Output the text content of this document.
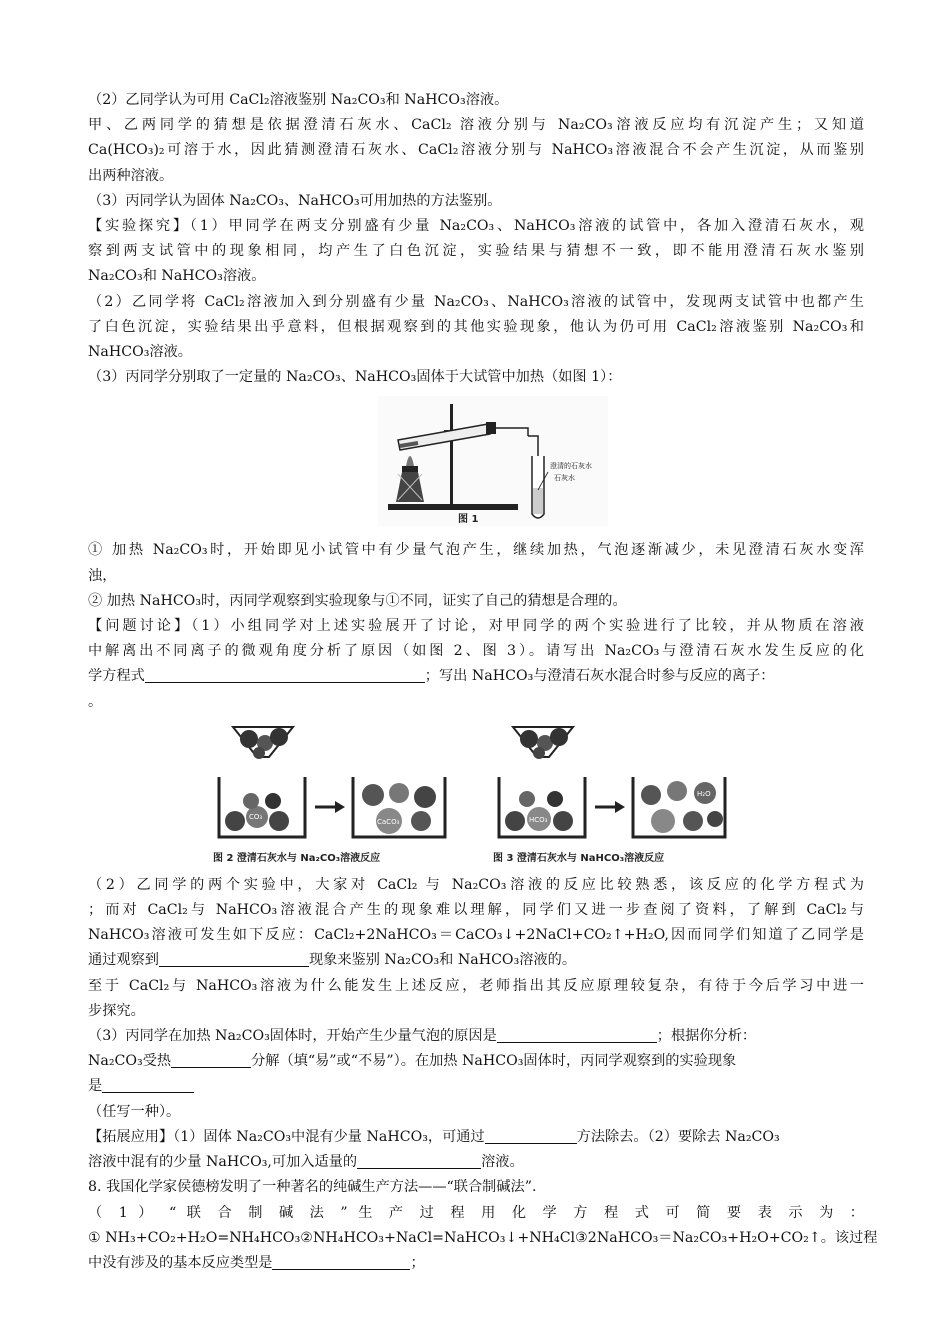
（2）乙同学认为可用 CaCl₂溶液鉴别 Na₂CO₃和 NaHCO₃溶液。
甲、乙两同学的猜想是依据澄清石灰水、CaCl₂ 溶液分别与 Na₂CO₃溶液反应均有沉淀产生；又知道
Ca(HCO₃)₂可溶于水，因此猜测澄清石灰水、CaCl₂溶液分别与 NaHCO₃溶液混合不会产生沉淀，从而鉴别
出两种溶液。
（3）丙同学认为固体 Na₂CO₃、NaHCO₃可用加热的方法鉴别。
【实验探究】（1）甲同学在两支分别盛有少量 Na₂CO₃、NaHCO₃溶液的试管中，各加入澄清石灰水，观
察到两支试管中的现象相同，均产生了白色沉淀，实验结果与猜想不一致，即不能用澄清石灰水鉴别
Na₂CO₃和 NaHCO₃溶液。
（2）乙同学将 CaCl₂溶液加入到分别盛有少量 Na₂CO₃、NaHCO₃溶液的试管中，发现两支试管中也都产生
了白色沉淀，实验结果出乎意料，但根据观察到的其他实验现象，他认为仍可用 CaCl₂溶液鉴别 Na₂CO₃和
NaHCO₃溶液。
（3）丙同学分别取了一定量的 Na₂CO₃、NaHCO₃固体于大试管中加热（如图 1）：
澄清的石灰水
石灰水
图 1
① 加热 Na₂CO₃时，开始即见小试管中有少量气泡产生，继续加热，气泡逐渐减少，未见澄清石灰水变浑
浊，
② 加热 NaHCO₃时，丙同学观察到实验现象与①不同，证实了自己的猜想是合理的。
【问题讨论】（1）小组同学对上述实验展开了讨论，对甲同学的两个实验进行了比较，并从物质在溶液
中解离出不同离子的微观角度分析了原因（如图 2、图 3）。请写出 Na₂CO₃与澄清石灰水发生反应的化
学方程式	；写出 NaHCO₃与澄清石灰水混合时参与反应的离子：
。
CO₃
CaCO₃
图 2 澄清石灰水与 Na₂CO₃溶液反应
HCO₃
H₂O
图 3 澄清石灰水与 NaHCO₃溶液反应
（2）乙同学的两个实验中，大家对 CaCl₂ 与 Na₂CO₃溶液的反应比较熟悉，该反应的化学方程式为
；而对 CaCl₂与 NaHCO₃溶液混合产生的现象难以理解，同学们又进一步查阅了资料，了解到 CaCl₂与
NaHCO₃溶液可发生如下反应：CaCl₂+2NaHCO₃＝CaCO₃↓+2NaCl+CO₂↑+H₂O,因而同学们知道了乙同学是
通过观察到	现象来鉴别 Na₂CO₃和 NaHCO₃溶液的。
至于 CaCl₂与 NaHCO₃溶液为什么能发生上述反应，老师指出其反应原理较复杂，有待于今后学习中进一
步探究。
（3）丙同学在加热 Na₂CO₃固体时，开始产生少量气泡的原因是	；根据你分析：
Na₂CO₃受热	分解（填“易”或“不易”）。在加热 NaHCO₃固体时，丙同学观察到的实验现象
是
（任写一种）。
【拓展应用】（1）固体 Na₂CO₃中混有少量 NaHCO₃，可通过	方法除去。（2）要除去 Na₂CO₃
溶液中混有的少量 NaHCO₃,可加入适量的	溶液。
8. 我国化学家侯德榜发明了一种著名的纯碱生产方法——“联合制碱法”.
（ 1 ） “ 联 合 制 碱 法 ” 生 产 过 程 用 化 学 方 程 式 可 简 要 表 示 为 ：
① NH₃+CO₂+H₂O=NH₄HCO₃②NH₄HCO₃+NaCl=NaHCO₃↓+NH₄Cl③2NaHCO₃＝Na₂CO₃+H₂O+CO₂↑。该过程
中没有涉及的基本反应类型是	；
